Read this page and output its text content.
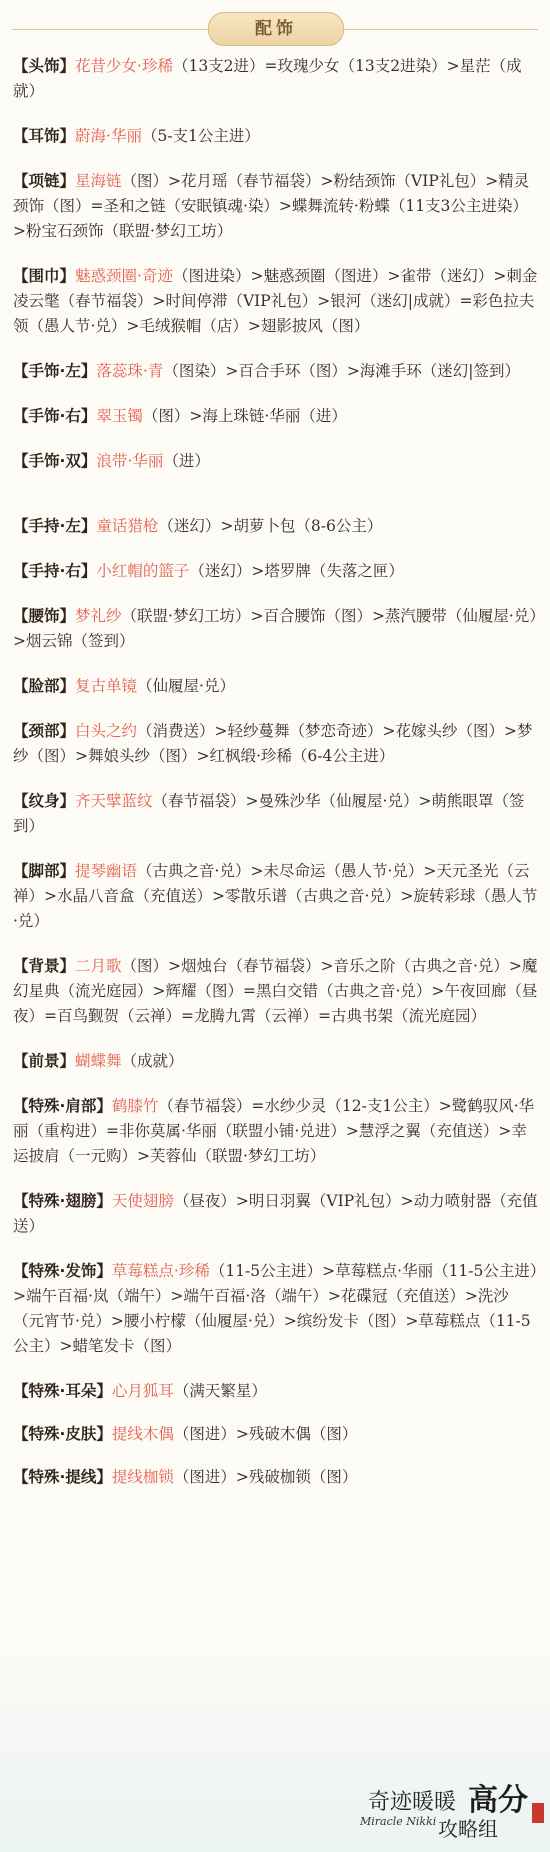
配饰

【头饰】花昔少女·珍稀（13支2进）=玫瑰少女（13支2进染）>星茫（成就）

【耳饰】蔚海·华丽（5-支1公主进）

【项链】星海链（图）>花月瑶（春节福袋）>粉结颈饰（VIP礼包）>精灵颈饰（图）=圣和之链（安眠镇魂·染）>蝶舞流转·粉蝶（11支3公主进染）>粉宝石颈饰（联盟·梦幻工坊）

【围巾】魅惑颈圈·奇迹（图进染）>魅惑颈圈（图进）>雀带（迷幻）>刺金凌云氅（春节福袋）>时间停滞（VIP礼包）>银河（迷幻|成就）=彩色拉夫领（愚人节·兑）>毛绒猴帽（店）>翅影披风（图）

【手饰·左】落蕊珠·青（图染）>百合手环（图）>海滩手环（迷幻|签到）

【手饰·右】翠玉镯（图）>海上珠链·华丽（进）

【手饰·双】浪带·华丽（进）

【手持·左】童话猎枪（迷幻）>胡萝卜包（8-6公主）

【手持·右】小红帽的篮子（迷幻）>塔罗牌（失落之匣）

【腰饰】梦礼纱（联盟·梦幻工坊）>百合腰饰（图）>蒸汽腰带（仙履屋·兑）>烟云锦（签到）

【脸部】复古单镜（仙履屋·兑）

【颈部】白头之约（消费送）>轻纱蔓舞（梦恋奇迹）>花嫁头纱（图）>梦纱（图）>舞娘头纱（图）>红枫缎·珍稀（6-4公主进）

【纹身】齐天擘蓝纹（春节福袋）>曼殊沙华（仙履屋·兑）>萌熊眼罩（签到）

【脚部】提琴幽语（古典之音·兑）>未尽命运（愚人节·兑）>天元圣光（云禅）>水晶八音盒（充值送）>零散乐谱（古典之音·兑）>旋转彩球（愚人节·兑）

【背景】二月歌（图）>烟烛台（春节福袋）>音乐之阶（古典之音·兑）>魔幻星典（流光庭园）>辉耀（图）=黑白交错（古典之音·兑）>午夜回廊（昼夜）=百鸟觐贺（云禅）=龙腾九霄（云禅）=古典书架（流光庭园）

【前景】蝴蝶舞（成就）

【特殊·肩部】鹤膝竹（春节福袋）=水纱少灵（12-支1公主）>鹭鹤驭风·华丽（重构进）=非你莫属·华丽（联盟小铺·兑进）>慧浮之翼（充值送）>幸运披肩（一元购）>芙蓉仙（联盟·梦幻工坊）

【特殊·翅膀】天使翅膀（昼夜）>明日羽翼（VIP礼包）>动力喷射器（充值送）

【特殊·发饰】草莓糕点·珍稀（11-5公主进）>草莓糕点·华丽（11-5公主进）>端午百福·岚（端午）>端午百福·洛（端午）>花碟冠（充值送）>洗沙（元宵节·兑）>腰小柠檬（仙履屋·兑）>缤纷发卡（图）>草莓糕点（11-5公主）>蜡笔发卡（图）

【特殊·耳朵】心月狐耳（满天繁星）

【特殊·皮肤】提线木偶（图进）>残破木偶（图）

【特殊·提线】提线枷锁（图进）>残破枷锁（图）

奇迹暖暖 高分
Miracle Nikki 攻略组
